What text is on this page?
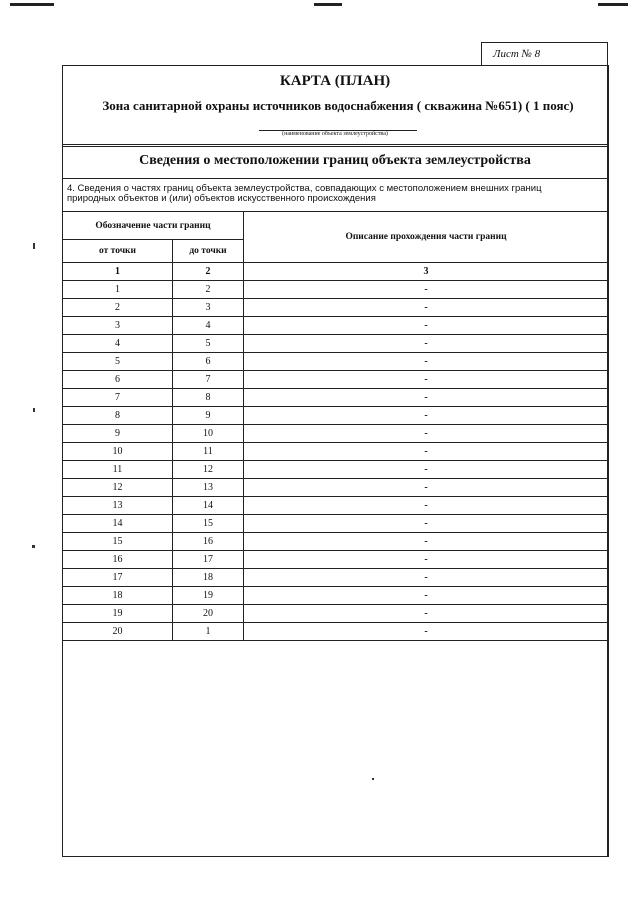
Лист № 8
КАРТА (ПЛАН)
Зона санитарной охраны источников водоснабжения ( скважина №651) ( 1 пояс)
(наименование объекта землеустройства)
Сведения о местоположении границ объекта землеустройства
4. Сведения о частях границ объекта землеустройства, совпадающих с местоположением внешних границ природных объектов и (или) объектов искусственного происхождения
Обозначение части границ		Описание прохождения части границ
от точки	до точки	
1	2	3
1	2	-
2	3	-
3	4	-
4	5	-
5	6	-
6	7	-
7	8	-
8	9	-
9	10	-
10	11	-
11	12	-
12	13	-
13	14	-
14	15	-
15	16	-
16	17	-
17	18	-
18	19	-
19	20	-
20	1	-
